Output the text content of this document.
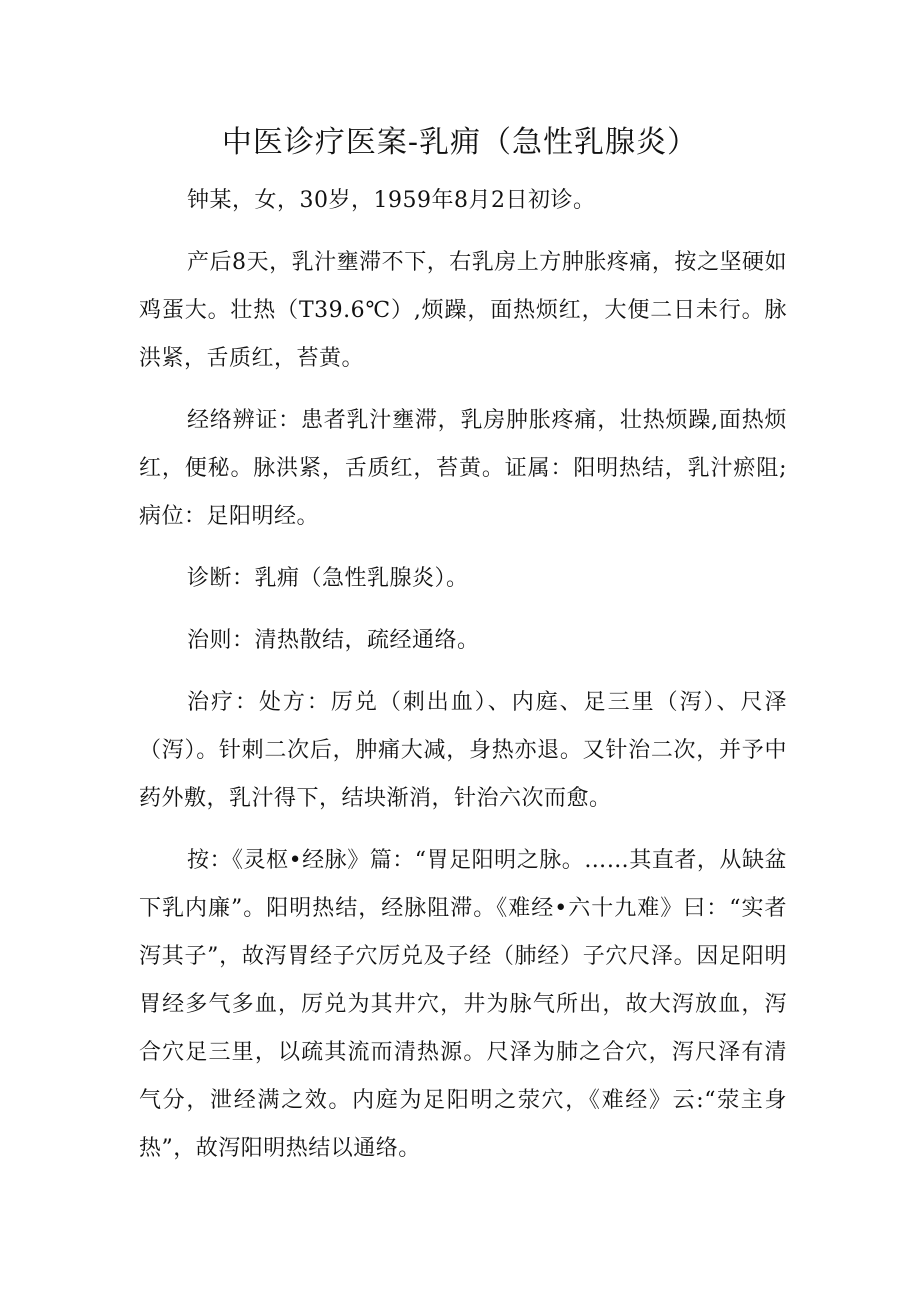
中医诊疗医案-乳痈（急性乳腺炎）

钟某，女，30岁，1959年8月2日初诊。

产后8天，乳汁壅滞不下，右乳房上方肿胀疼痛，按之坚硬如鸡蛋大。壮热（T39.6℃）,烦躁，面热烦红，大便二日未行。脉洪紧，舌质红，苔黄。

经络辨证：患者乳汁壅滞，乳房肿胀疼痛，壮热烦躁,面热烦红，便秘。脉洪紧，舌质红，苔黄。证属：阳明热结，乳汁瘀阻;病位：足阳明经。

诊断：乳痈（急性乳腺炎）。

治则：清热散结，疏经通络。

治疗：处方：厉兑（刺出血）、内庭、足三里（泻）、尺泽（泻）。针刺二次后，肿痛大减，身热亦退。又针治二次，并予中药外敷，乳汁得下，结块渐消，针治六次而愈。

按：《灵枢•经脉》篇：“胃足阳明之脉。……其直者，从缺盆下乳内廉”。阳明热结，经脉阻滞。《难经•六十九难》曰：“实者泻其子”，故泻胃经子穴厉兑及子经（肺经）子穴尺泽。因足阳明胃经多气多血，厉兑为其井穴，井为脉气所出，故大泻放血，泻合穴足三里，以疏其流而清热源。尺泽为肺之合穴，泻尺泽有清气分，泄经满之效。内庭为足阳明之荥穴，《难经》云:“荥主身热”，故泻阳明热结以通络。
